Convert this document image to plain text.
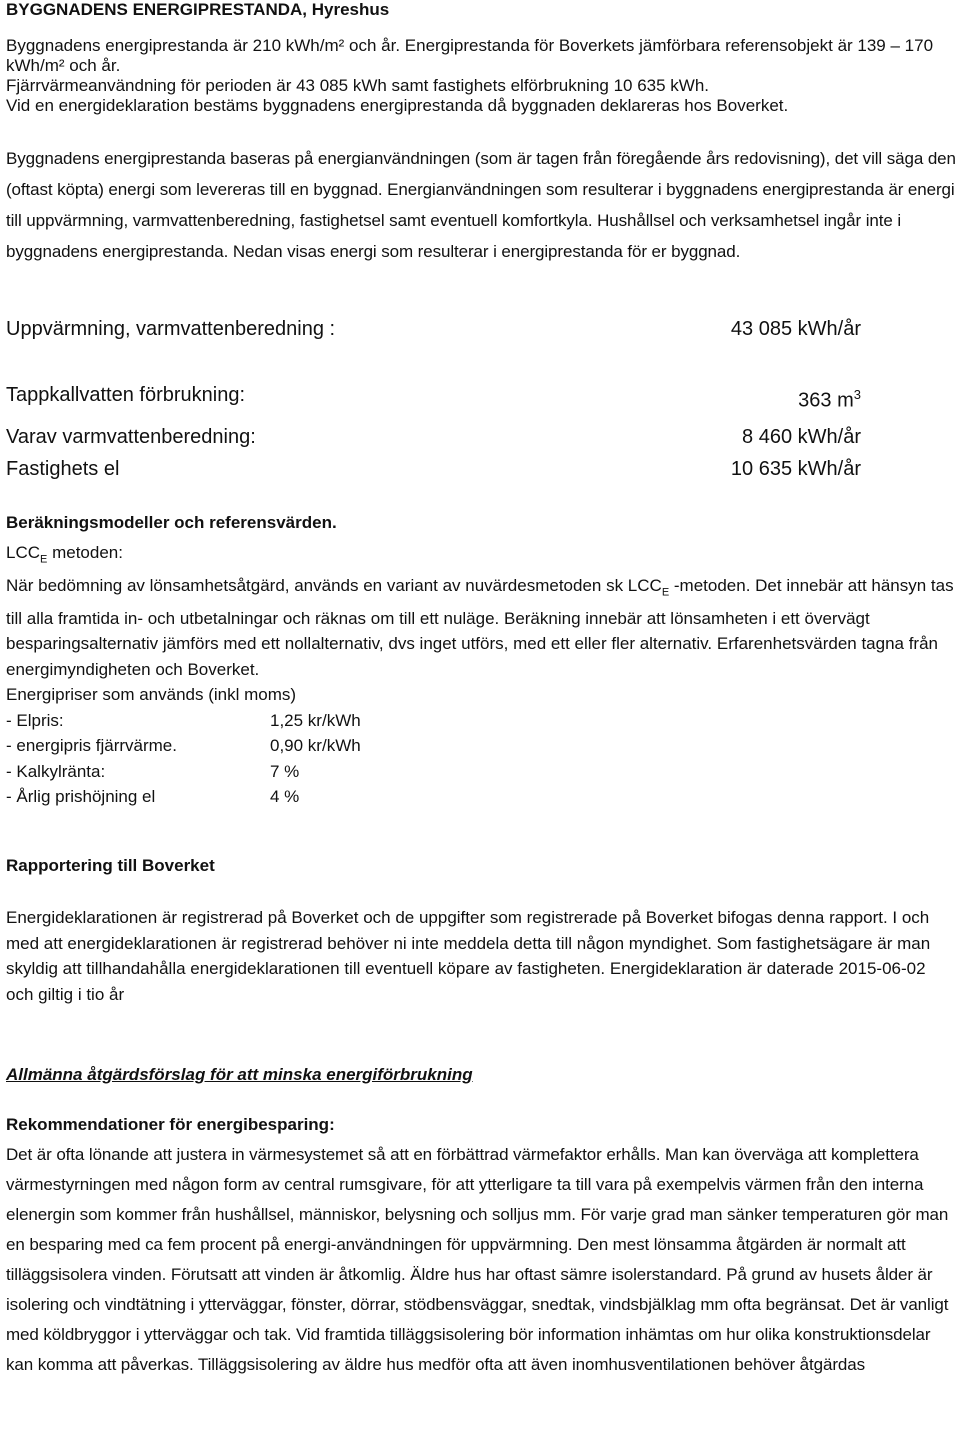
BYGGNADENS ENERGIPRESTANDA, Hyreshus

Byggnadens energiprestanda är 210 kWh/m² och år. Energiprestanda för Boverkets jämförbara referensobjekt är 139 – 170 kWh/m² och år.

Fjärrvärmeanvändning för perioden är 43 085 kWh samt fastighets elförbrukning 10 635 kWh.

Vid en energideklaration bestäms byggnadens energiprestanda då byggnaden deklareras hos Boverket.

Byggnadens energiprestanda baseras på energianvändningen (som är tagen från föregående års redovisning), det vill säga den (oftast köpta) energi som levereras till en byggnad. Energianvändningen som resulterar i byggnadens energiprestanda är energi till uppvärmning, varmvattenberedning, fastighetsel samt eventuell komfortkyla. Hushållsel och verksamhetsel ingår inte i byggnadens energiprestanda. Nedan visas energi som resulterar i energiprestanda för er byggnad.
Uppvärmning, varmvattenberedning :	43 085 kWh/år
Tappkallvatten förbrukning:	363 $m^3$
Varav varmvattenberedning:	8 460 kWh/år
Fastighets el	10 635 kWh/år
Beräkningsmodeller och referensvärden.

$LCC_E$ metoden:

När bedömning av lönsamhetsåtgärd, används en variant av nuvärdesmetoden sk $LCC_E$ -metoden. Det innebär att hänsyn tas till alla framtida in- och utbetalningar och räknas om till ett nuläge. Beräkning innebär att lönsamheten i ett övervägt besparingsalternativ jämförs med ett nollalternativ, dvs inget utförs, med ett eller fler alternativ. Erfarenhetsvärden tagna från energimyndigheten och Boverket.

Energipriser som används (inkl moms)

- Elpris:	1,25 kr/kWh
- energipris fjärrvärme.	0,90 kr/kWh
- Kalkylränta:	7 %
- Årlig prishöjning el	4 %
Rapportering till Boverket
Energideklarationen är registrerad på Boverket och de uppgifter som registrerade på Boverket bifogas denna rapport. I och med att energideklarationen är registrerad behöver ni inte meddela detta till någon myndighet. Som fastighetsägare är man skyldig att tillhandahålla energideklarationen till eventuell köpare av fastigheten. Energideklaration är daterade 2015-06-02 och giltig i tio år
Allmänna åtgärdsförslag för att minska energiförbrukning
Rekommendationer för energibesparing:
Det är ofta lönande att justera in värmesystemet så att en förbättrad värmefaktor erhålls. Man kan överväga att komplettera värmestyrningen med någon form av central rumsgivare, för att ytterligare ta till vara på exempelvis värmen från den interna elenergin som kommer från hushållsel, människor, belysning och solljus mm. För varje grad man sänker temperaturen gör man en besparing med ca fem procent på energi-användningen för uppvärmning. Den mest lönsamma åtgärden är normalt att tilläggsisolera vinden. Förutsatt att vinden är åtkomlig. Äldre hus har oftast sämre isolerstandard. På grund av husets ålder är isolering och vindtätning i ytterväggar, fönster, dörrar, stödbensväggar, snedtak, vindsbjälklag mm ofta begränsat. Det är vanligt med köldbryggor i ytterväggar och tak. Vid framtida tilläggsisolering bör information inhämtas om hur olika konstruktionsdelar kan komma att påverkas. Tilläggsisolering av äldre hus medför ofta att även inomhusventilationen behöver åtgärdas
